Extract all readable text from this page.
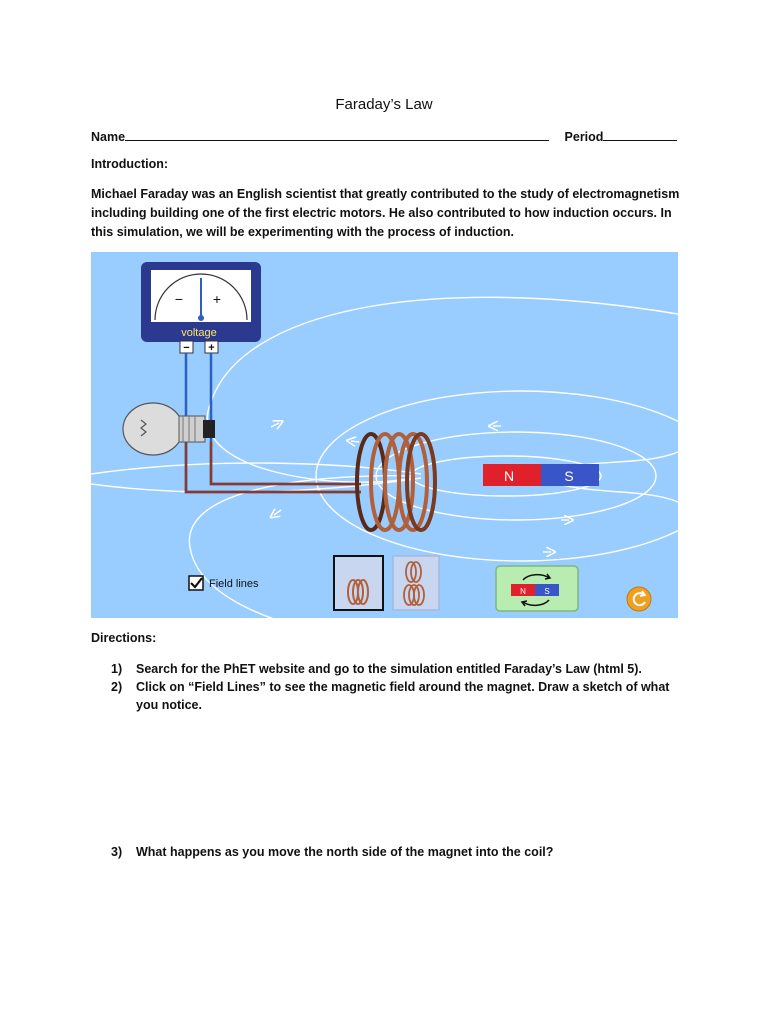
Faraday’s Law
Name	Period
Introduction:
Michael Faraday was an English scientist that greatly contributed to the study of electromagnetism including building one of the first electric motors. He also contributed to how induction occurs. In this simulation, we will be experimenting with the process of induction.
− +
voltage
− +
N	S
Field lines
N S
Directions:
1) Search for the PhET website and go to the simulation entitled Faraday’s Law (html 5).
2)	Click on “Field Lines” to see the magnetic field around the magnet. Draw a sketch of what you notice.
3) What happens as you move the north side of the magnet into the coil?
